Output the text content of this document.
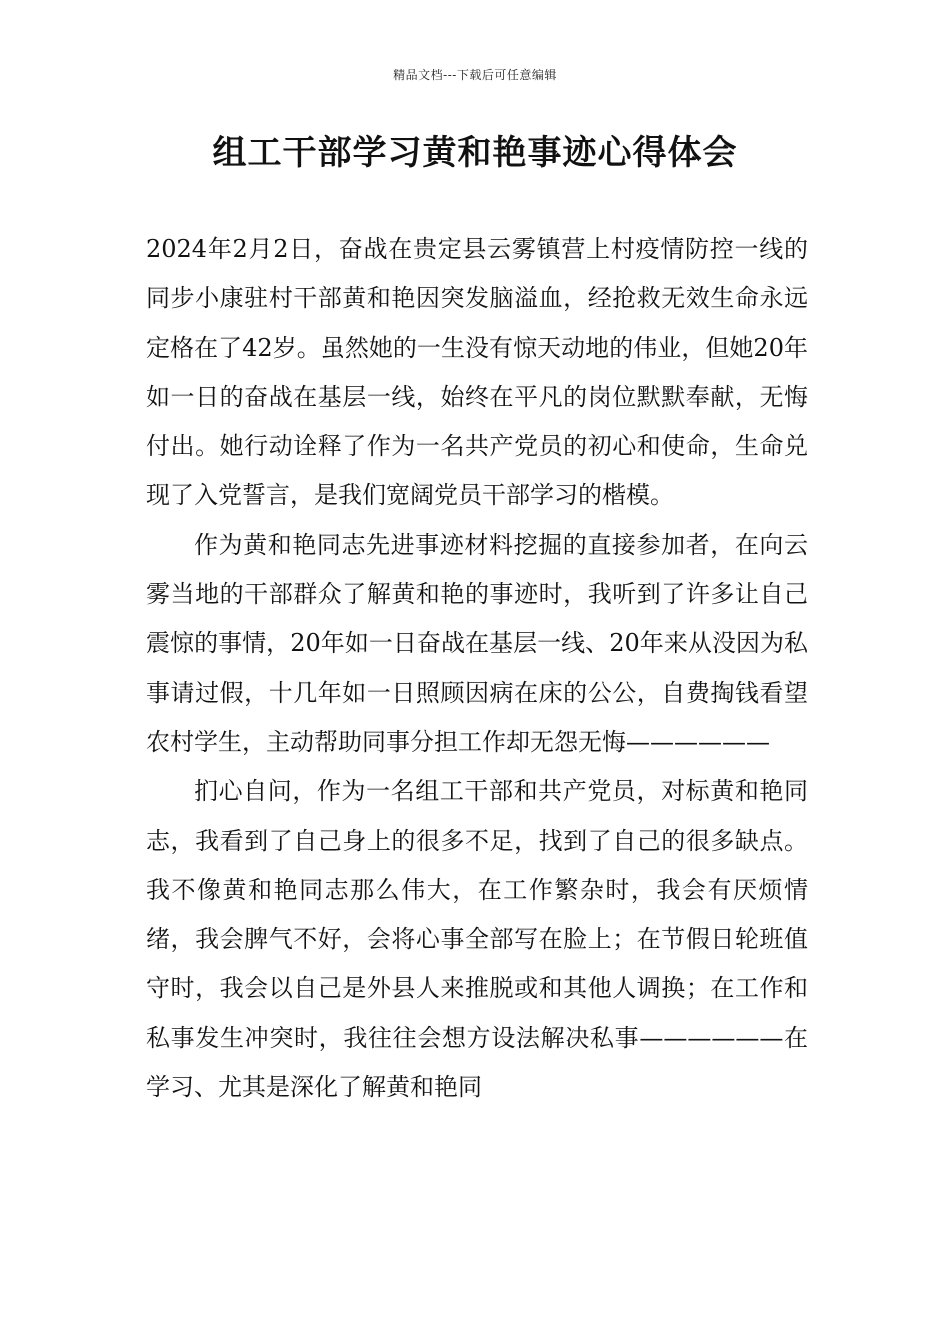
精品文档---下载后可任意编辑
组工干部学习黄和艳事迹心得体会

2024年2月2日，奋战在贵定县云雾镇营上村疫情防控一线的同步小康驻村干部黄和艳因突发脑溢血，经抢救无效生命永远定格在了42岁。虽然她的一生没有惊天动地的伟业，但她20年如一日的奋战在基层一线，始终在平凡的岗位默默奉献，无悔付出。她行动诠释了作为一名共产党员的初心和使命，生命兑现了入党誓言，是我们宽阔党员干部学习的楷模。

作为黄和艳同志先进事迹材料挖掘的直接参加者，在向云雾当地的干部群众了解黄和艳的事迹时，我听到了许多让自己震惊的事情，20年如一日奋战在基层一线、20年来从没因为私事请过假，十几年如一日照顾因病在床的公公，自费掏钱看望农村学生，主动帮助同事分担工作却无怨无悔——————

扪心自问，作为一名组工干部和共产党员，对标黄和艳同志，我看到了自己身上的很多不足，找到了自己的很多缺点。我不像黄和艳同志那么伟大，在工作繁杂时，我会有厌烦情绪，我会脾气不好，会将心事全部写在脸上；在节假日轮班值守时，我会以自己是外县人来推脱或和其他人调换；在工作和私事发生冲突时，我往往会想方设法解决私事——————在学习、尤其是深化了解黄和艳同
